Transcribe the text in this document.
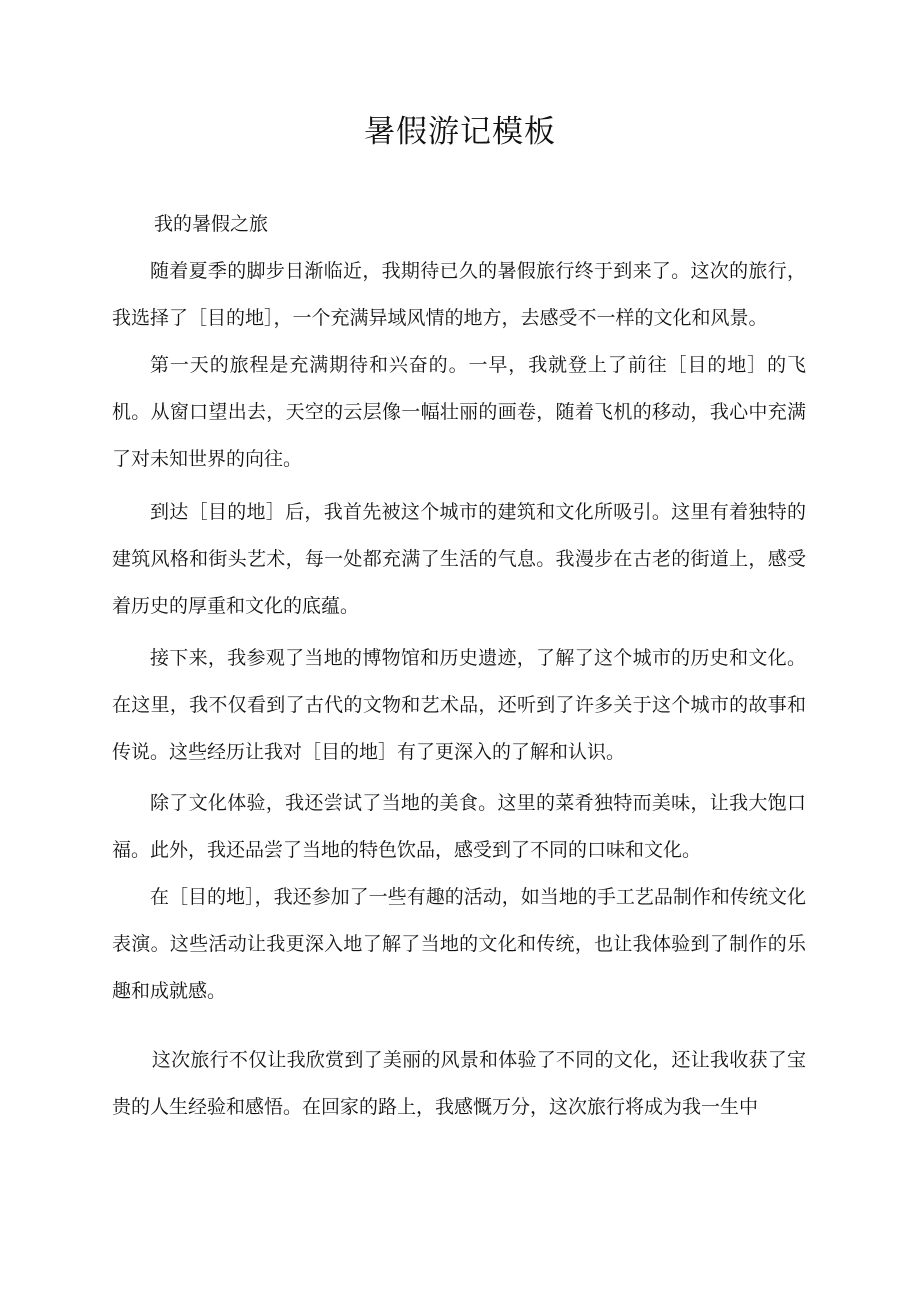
暑假游记模板

我的暑假之旅

随着夏季的脚步日渐临近，我期待已久的暑假旅行终于到来了。这次的旅行，我选择了［目的地］，一个充满异域风情的地方，去感受不一样的文化和风景。

第一天的旅程是充满期待和兴奋的。一早，我就登上了前往［目的地］的飞机。从窗口望出去，天空的云层像一幅壮丽的画卷，随着飞机的移动，我心中充满了对未知世界的向往。

到达［目的地］后，我首先被这个城市的建筑和文化所吸引。这里有着独特的建筑风格和街头艺术，每一处都充满了生活的气息。我漫步在古老的街道上，感受着历史的厚重和文化的底蕴。

接下来，我参观了当地的博物馆和历史遗迹，了解了这个城市的历史和文化。在这里，我不仅看到了古代的文物和艺术品，还听到了许多关于这个城市的故事和传说。这些经历让我对［目的地］有了更深入的了解和认识。

除了文化体验，我还尝试了当地的美食。这里的菜肴独特而美味，让我大饱口福。此外，我还品尝了当地的特色饮品，感受到了不同的口味和文化。

在［目的地］，我还参加了一些有趣的活动，如当地的手工艺品制作和传统文化表演。这些活动让我更深入地了解了当地的文化和传统，也让我体验到了制作的乐趣和成就感。

这次旅行不仅让我欣赏到了美丽的风景和体验了不同的文化，还让我收获了宝贵的人生经验和感悟。在回家的路上，我感慨万分，这次旅行将成为我一生中
